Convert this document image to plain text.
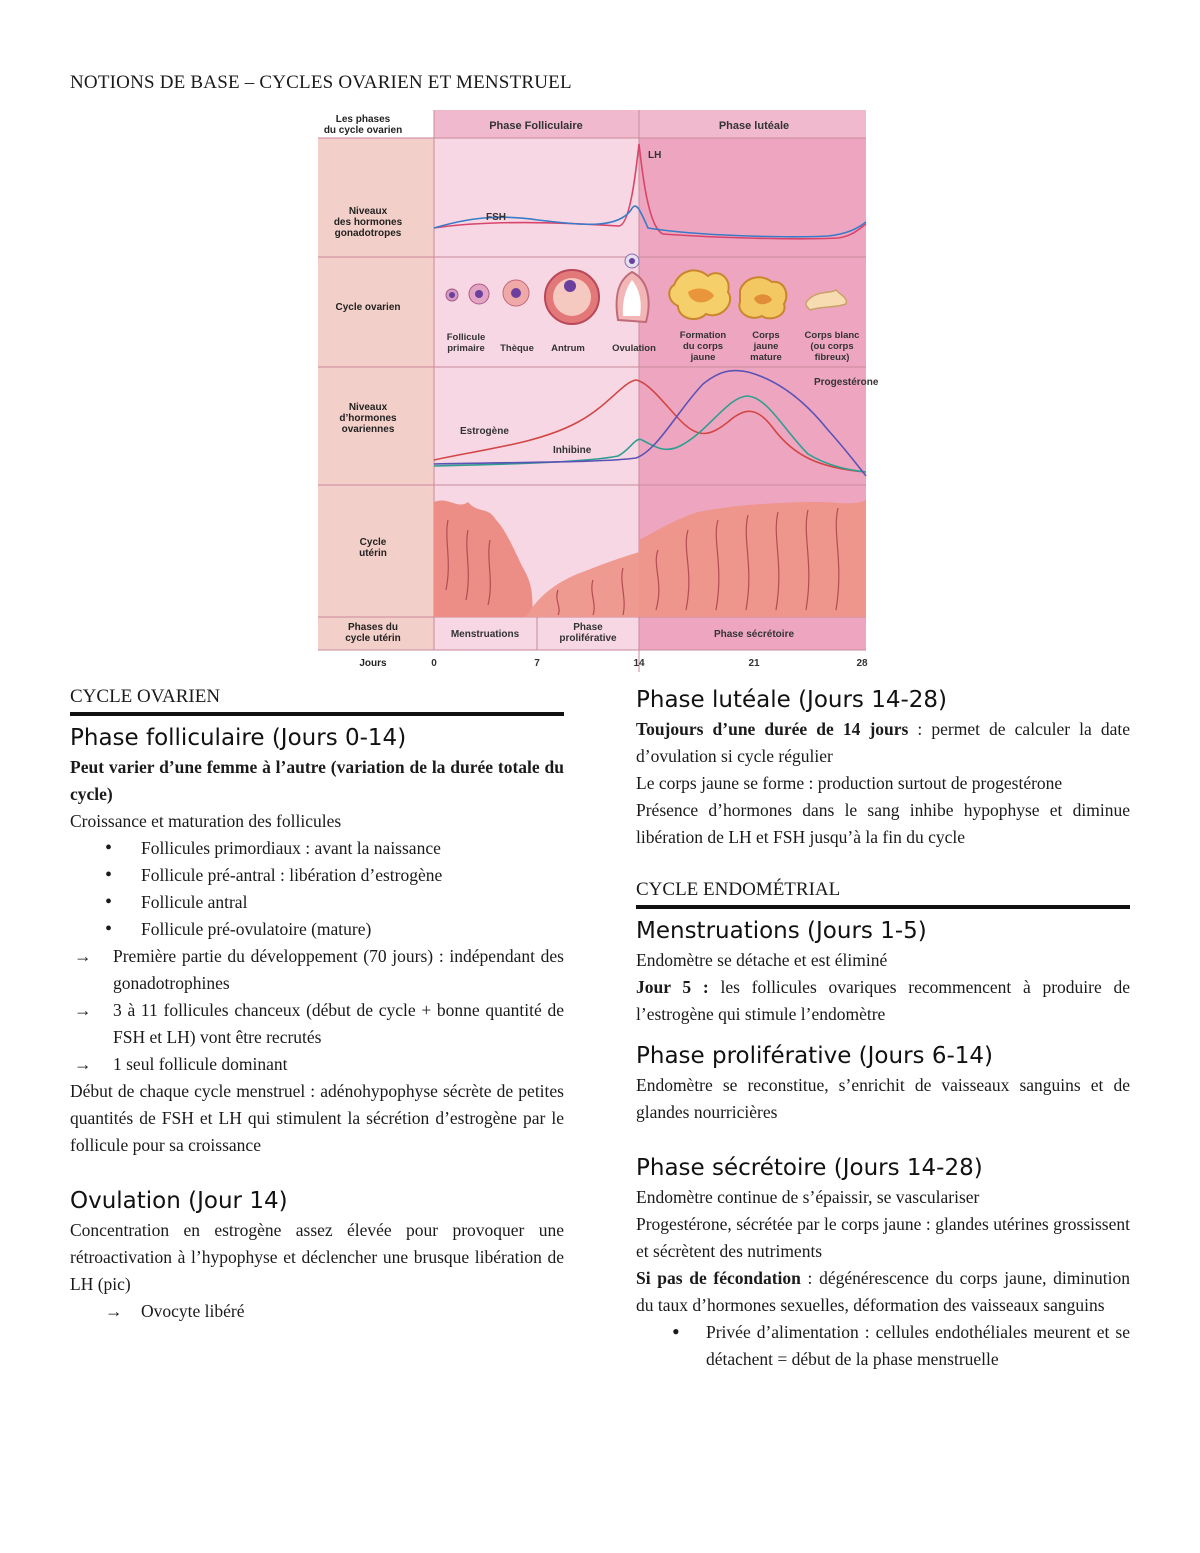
NOTIONS DE BASE – CYCLES OVARIEN ET MENSTRUEL
Les phases
du cycle ovarien
Niveaux
des hormones
gonadotropes
Cycle ovarien
Niveaux
d’hormones
ovariennes
Cycle
utérin
Phases du
cycle utérin
Jours
Phase Folliculaire	Phase lutéale
LH
FSH
Follicule
primaire Thèque Antrum	Ovulation
Formation
du corps
jaune
Corps
jaune
mature
Corps blanc
(ou corps
fibreux)
Progestérone
Estrogène
Inhibine
Menstruations
Phase
proliférative	Phase sécrétoire
0	7	14	21	28
CYCLE OVARIEN
Phase folliculaire (Jours 0-14)

Peut varier d’une femme à l’autre (variation de la durée totale du cycle)

Croissance et maturation des follicules

• Follicules primordiaux : avant la naissance
• Follicule pré-antral : libération d’estrogène
• Follicule antral
• Follicule pré-ovulatoire (mature)
→ Première partie du développement (70 jours) : indépendant des gonadotrophines
→ 3 à 11 follicules chanceux (début de cycle + bonne quantité de FSH et LH) vont être recrutés
→ 1 seul follicule dominant

Début de chaque cycle menstruel : adénohypophyse sécrète de petites quantités de FSH et LH qui stimulent la sécrétion d’estrogène par le follicule pour sa croissance

Ovulation (Jour 14)

Concentration en estrogène assez élevée pour provoquer une rétroactivation à l’hypophyse et déclencher une brusque libération de LH (pic)

→ Ovocyte libéré
Phase lutéale (Jours 14-28)

Toujours d’une durée de 14 jours : permet de calculer la date d’ovulation si cycle régulier

Le corps jaune se forme : production surtout de progestérone

Présence d’hormones dans le sang inhibe hypophyse et diminue libération de LH et FSH jusqu’à la fin du cycle

CYCLE ENDOMÉTRIAL
Menstruations (Jours 1-5)

Endomètre se détache et est éliminé

Jour 5 : les follicules ovariques recommencent à produire de l’estrogène qui stimule l’endomètre

Phase proliférative (Jours 6-14)

Endomètre se reconstitue, s’enrichit de vaisseaux sanguins et de glandes nourricières

Phase sécrétoire (Jours 14-28)

Endomètre continue de s’épaissir, se vasculariser

Progestérone, sécrétée par le corps jaune : glandes utérines grossissent et sécrètent des nutriments

Si pas de fécondation : dégénérescence du corps jaune, diminution du taux d’hormones sexuelles, déformation des vaisseaux sanguins

• Privée d’alimentation : cellules endothéliales meurent et se détachent = début de la phase menstruelle
